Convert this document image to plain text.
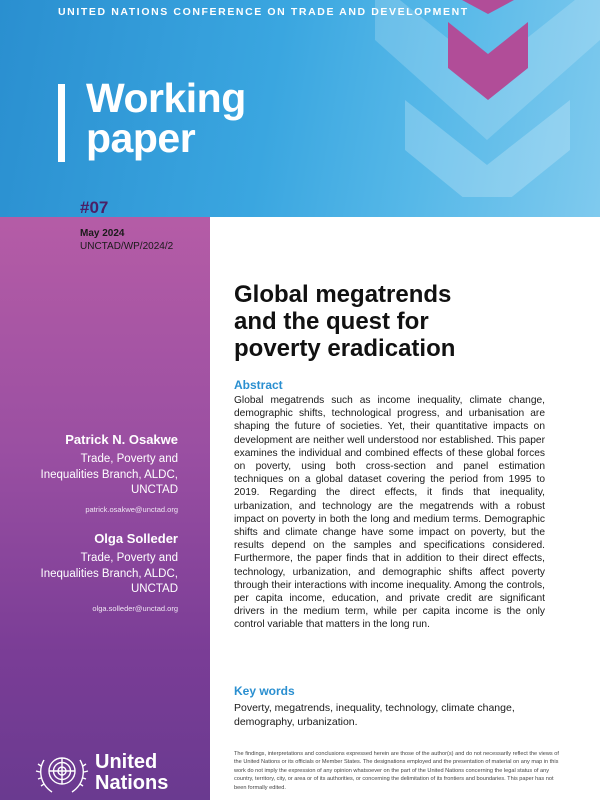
UNITED NATIONS CONFERENCE ON TRADE AND DEVELOPMENT
Working
paper
#07
May 2024
UNCTAD/WP/2024/2
Patrick N. Osakwe
Trade, Poverty and
Inequalities Branch, ALDC,
UNCTAD
patrick.osakwe@unctad.org
Olga Solleder
Trade, Poverty and
Inequalities Branch, ALDC,
UNCTAD
olga.solleder@unctad.org
United
Nations
Global megatrends
and the quest for
poverty eradication
Abstract
Global megatrends such as income inequality, climate change, demographic shifts, technological progress, and urbanisation are shaping the future of societies. Yet, their quantitative impacts on development are neither well understood nor established. This paper examines the individual and combined effects of these global forces on poverty, using both cross-section and panel estimation techniques on a global dataset covering the period from 1995 to 2019. Regarding the direct effects, it finds that inequality, urbanization, and technology are the megatrends with a robust impact on poverty in both the long and medium terms. Demographic shifts and climate change have some impact on poverty, but the results depend on the samples and specifications considered. Furthermore, the paper finds that in addition to their direct effects, technology, urbanization, and demographic shifts affect poverty through their interactions with income inequality. Among the controls, per capita income, education, and private credit are significant drivers in the medium term, while per capita income is the only control variable that matters in the long run.
Key words
Poverty, megatrends, inequality, technology, climate change, demography, urbanization.
The findings, interpretations and conclusions expressed herein are those of the author(s) and do not necessarily reflect the views of the United Nations or its officials or Member States. The designations employed and the presentation of material on any map in this work do not imply the expression of any opinion whatsoever on the part of the United Nations concerning the legal status of any country, territory, city, or area or of its authorities, or concerning the delimitation of its frontiers and boundaries. This paper has not been formally edited.
